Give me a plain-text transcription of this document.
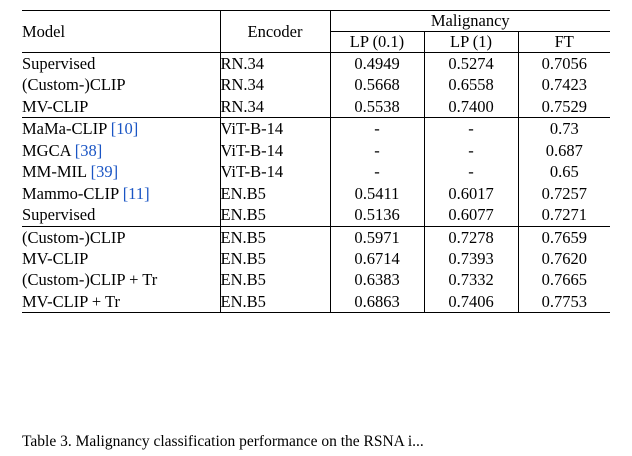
Model	Encoder	Malignancy		

		LP (0.1)	LP (1)	FT

Supervised	RN.34	0.4949	0.5274	0.7056
(Custom-)CLIP	RN.34	0.5668	0.6558	0.7423
MV-CLIP	RN.34	0.5538	0.7400	0.7529

MaMa-CLIP [10]	ViT-B-14	-	-	0.73
MGCA [38]	ViT-B-14	-	-	0.687
MM-MIL [39]	ViT-B-14	-	-	0.65
Mammo-CLIP [11]	EN.B5	0.5411	0.6017	0.7257
Supervised	EN.B5	0.5136	0.6077	0.7271

(Custom-)CLIP	EN.B5	0.5971	0.7278	0.7659
MV-CLIP	EN.B5	0.6714	0.7393	0.7620
(Custom-)CLIP + Tr	EN.B5	0.6383	0.7332	0.7665
MV-CLIP + Tr	EN.B5	0.6863	0.7406	0.7753

Table 3. Malignancy classification performance on the RSNA i...
